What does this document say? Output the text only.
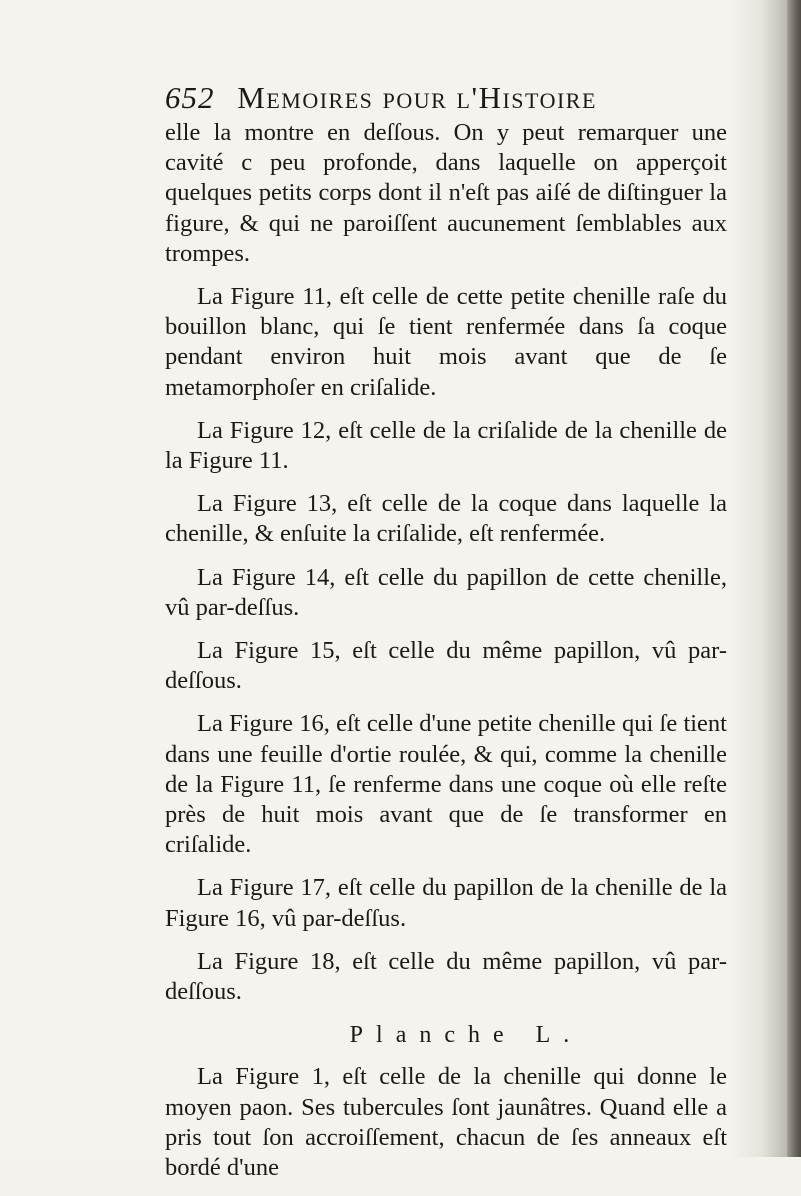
652 Memoires pour l'Histoire

elle la montre en deſſous. On y peut remarquer une cavité c peu profonde, dans laquelle on apperçoit quelques petits corps dont il n'eſt pas aiſé de diſtinguer la figure, & qui ne paroiſſent aucunement ſemblables aux trompes.

La Figure 11, eſt celle de cette petite chenille raſe du bouillon blanc, qui ſe tient renfermée dans ſa coque pendant environ huit mois avant que de ſe metamorphoſer en criſalide.

La Figure 12, eſt celle de la criſalide de la chenille de la Figure 11.

La Figure 13, eſt celle de la coque dans laquelle la chenille, & enſuite la criſalide, eſt renfermée.

La Figure 14, eſt celle du papillon de cette chenille, vû par-deſſus.

La Figure 15, eſt celle du même papillon, vû par-deſſous.

La Figure 16, eſt celle d'une petite chenille qui ſe tient dans une feuille d'ortie roulée, & qui, comme la chenille de la Figure 11, ſe renferme dans une coque où elle reſte près de huit mois avant que de ſe transformer en criſalide.

La Figure 17, eſt celle du papillon de la chenille de la Figure 16, vû par-deſſus.

La Figure 18, eſt celle du même papillon, vû par-deſſous.

Planche L.

La Figure 1, eſt celle de la chenille qui donne le moyen paon. Ses tubercules ſont jaunâtres. Quand elle a pris tout ſon accroiſſement, chacun de ſes anneaux eſt bordé d'une
